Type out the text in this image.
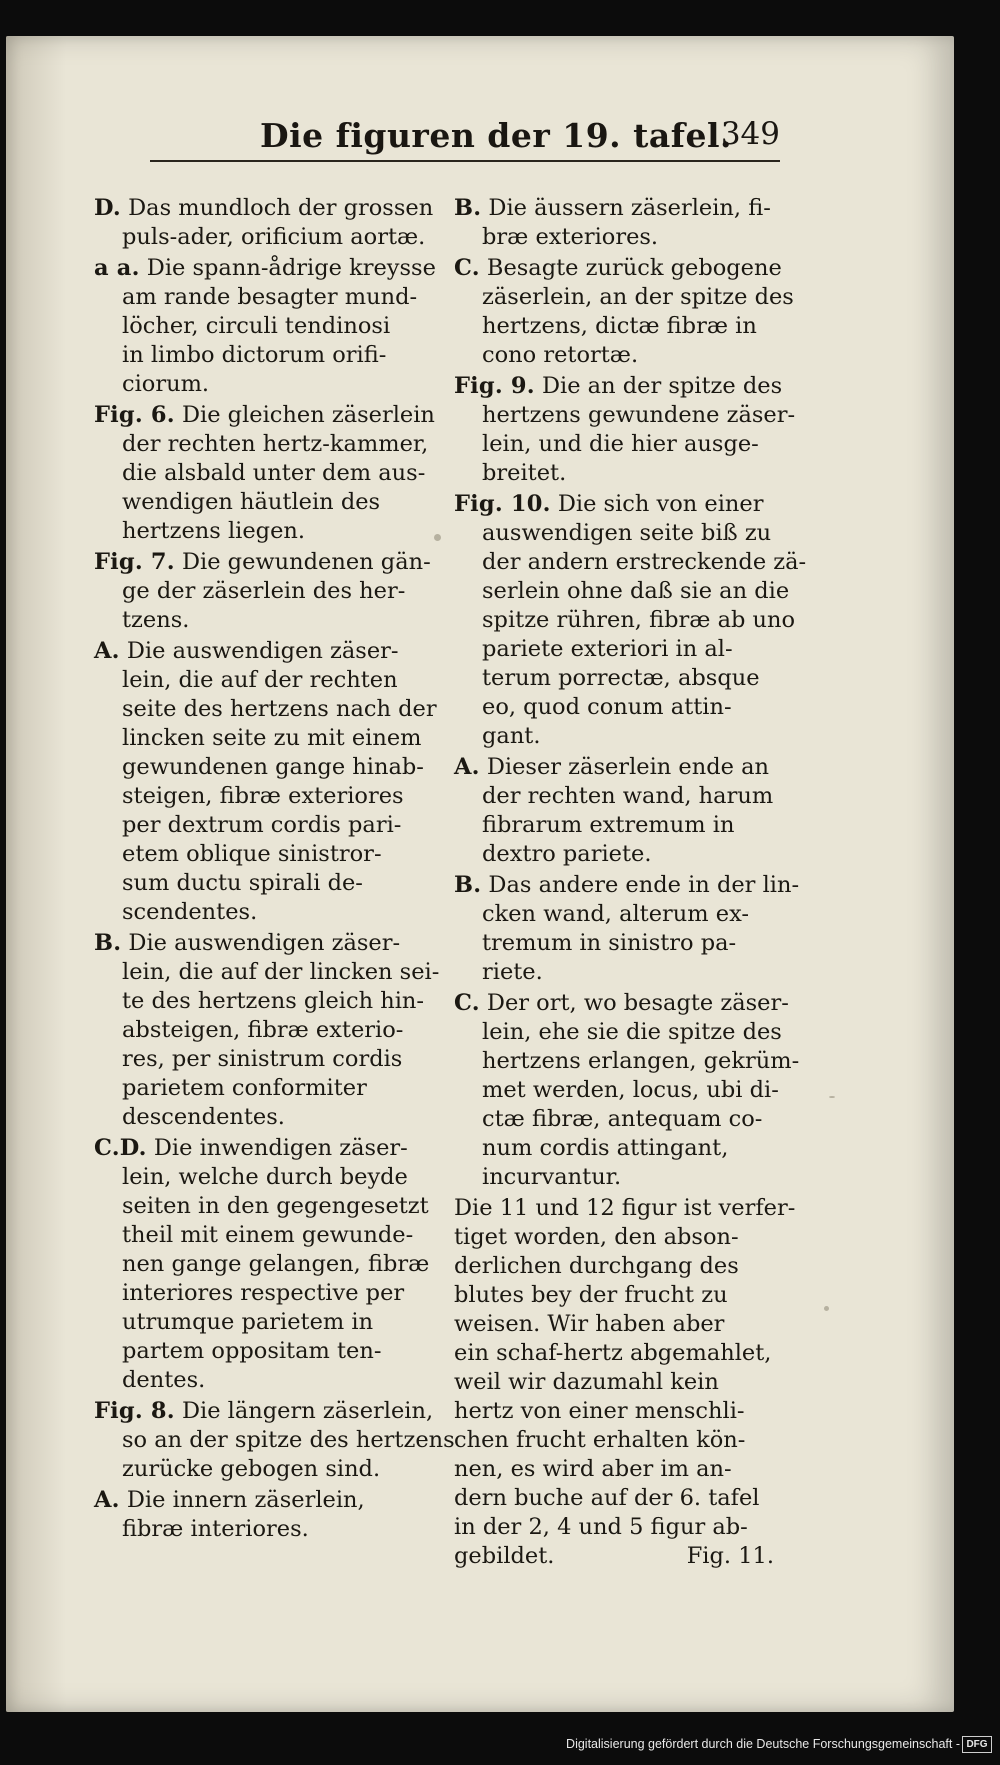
Die figuren der 19. tafel.
349
D. Das mundloch der grossen
puls-ader, orificium aortæ.
a a. Die spann-ådrige kreysse
am rande besagter mund-
löcher, circuli tendinosi
in limbo dictorum orifi-
ciorum.
Fig. 6. Die gleichen zäserlein
der rechten hertz-kammer,
die alsbald unter dem aus-
wendigen häutlein des
hertzens liegen.
Fig. 7. Die gewundenen gän-
ge der zäserlein des her-
tzens.
A. Die auswendigen zäser-
lein, die auf der rechten
seite des hertzens nach der
lincken seite zu mit einem
gewundenen gange hinab-
steigen, fibræ exteriores
per dextrum cordis pari-
etem oblique sinistror-
sum ductu spirali de-
scendentes.
B. Die auswendigen zäser-
lein, die auf der lincken sei-
te des hertzens gleich hin-
absteigen, fibræ exterio-
res, per sinistrum cordis
parietem conformiter
descendentes.
C.D. Die inwendigen zäser-
lein, welche durch beyde
seiten in den gegengesetzt
theil mit einem gewunde-
nen gange gelangen, fibræ
interiores respective per
utrumque parietem in
partem oppositam ten-
dentes.
Fig. 8. Die längern zäserlein,
so an der spitze des hertzens
zurücke gebogen sind.
A. Die innern zäserlein,
fibræ interiores.
B. Die äussern zäserlein, fi-
bræ exteriores.
C. Besagte zurück gebogene
zäserlein, an der spitze des
hertzens, dictæ fibræ in
cono retortæ.
Fig. 9. Die an der spitze des
hertzens gewundene zäser-
lein, und die hier ausge-
breitet.
Fig. 10. Die sich von einer
auswendigen seite biß zu
der andern erstreckende zä-
serlein ohne daß sie an die
spitze rühren, fibræ ab uno
pariete exteriori in al-
terum porrectæ, absque
eo, quod conum attin-
gant.
A. Dieser zäserlein ende an
der rechten wand, harum
fibrarum extremum in
dextro pariete.
B. Das andere ende in der lin-
cken wand, alterum ex-
tremum in sinistro pa-
riete.
C. Der ort, wo besagte zäser-
lein, ehe sie die spitze des
hertzens erlangen, gekrüm-
met werden, locus, ubi di-
ctæ fibræ, antequam co-
num cordis attingant,
incurvantur.
Die 11 und 12 figur ist verfer-
tiget worden, den abson-
derlichen durchgang des
blutes bey der frucht zu
weisen. Wir haben aber
ein schaf-hertz abgemahlet,
weil wir dazumahl kein
hertz von einer menschli-
chen frucht erhalten kön-
nen, es wird aber im an-
dern buche auf der 6. tafel
in der 2, 4 und 5 figur ab-
gebildet.	Fig. 11.
Digitalisierung gefördert durch die Deutsche Forschungsgemeinschaft - DFG
